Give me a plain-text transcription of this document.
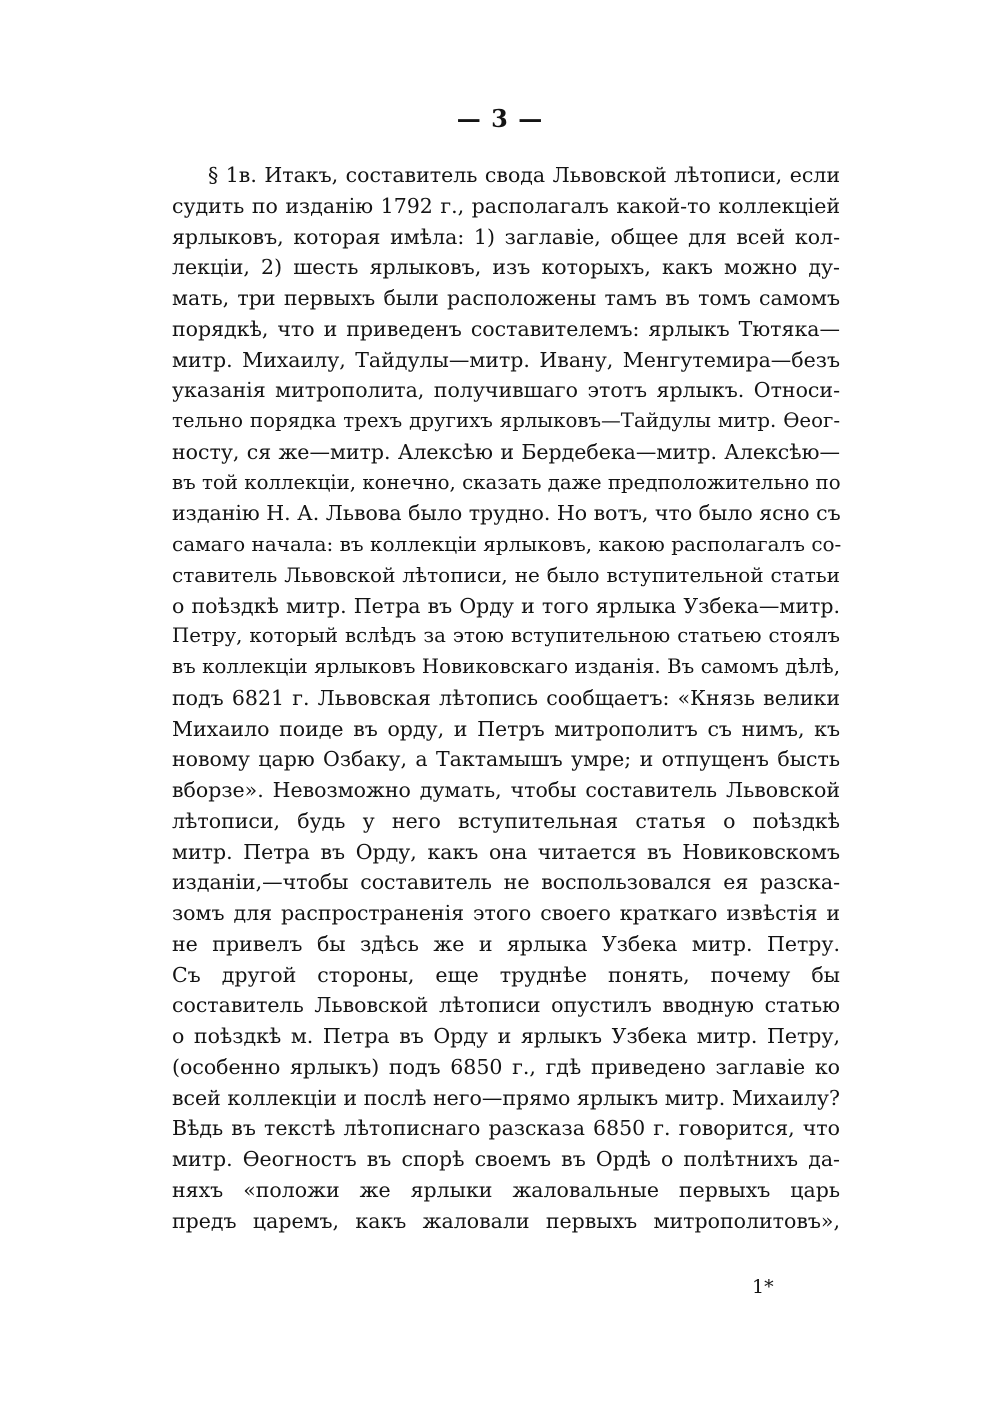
— 3 —
§ 1в. Итакъ, составитель свода Львовской лѣтописи, если
судить по изданію 1792 г., располагалъ какой-то коллекціей
ярлыковъ, которая имѣла: 1) заглавіе, общее для всей кол-
лекціи, 2) шесть ярлыковъ, изъ которыхъ, какъ можно ду-
мать, три первыхъ были расположены тамъ въ томъ самомъ
порядкѣ, что и приведенъ составителемъ: ярлыкъ Тютяка—
митр. Михаилу, Тайдулы—митр. Ивану, Менгутемира—безъ
указанія митрополита, получившаго этотъ ярлыкъ. Относи-
тельно порядка трехъ другихъ ярлыковъ—Тайдулы митр. Ѳеог-
носту, ся же—митр. Алексѣю и Бердебека—митр. Алексѣю—
въ той коллекціи, конечно, сказать даже предположительно по
изданію Н. А. Львова было трудно. Но вотъ, что было ясно съ
самаго начала: въ коллекціи ярлыковъ, какою располагалъ со-
ставитель Львовской лѣтописи, не было вступительной статьи
о поѣздкѣ митр. Петра въ Орду и того ярлыка Узбека—митр.
Петру, который вслѣдъ за этою вступительною статьею стоялъ
въ коллекціи ярлыковъ Новиковскаго изданія. Въ самомъ дѣлѣ,
подъ 6821 г. Львовская лѣтопись сообщаетъ: «Князь велики
Михаило поиде въ орду, и Петръ митрополитъ съ нимъ, къ
новому царю Озбаку, а Тактамышъ умре; и отпущенъ бысть
вборзе». Невозможно думать, чтобы составитель Львовской
лѣтописи, будь у него вступительная статья о поѣздкѣ
митр. Петра въ Орду, какъ она читается въ Новиковскомъ
изданіи,—чтобы составитель не воспользовался ея разска-
зомъ для распространенія этого своего краткаго извѣстія и
не привелъ бы здѣсь же и ярлыка Узбека митр. Петру.
Съ другой стороны, еще труднѣе понять, почему бы
составитель Львовской лѣтописи опустилъ вводную статью
о поѣздкѣ м. Петра въ Орду и ярлыкъ Узбека митр. Петру,
(особенно ярлыкъ) подъ 6850 г., гдѣ приведено заглавіе ко
всей коллекціи и послѣ него—прямо ярлыкъ митр. Михаилу?
Вѣдь въ текстѣ лѣтописнаго разсказа 6850 г. говорится, что
митр. Ѳеогностъ въ спорѣ своемъ въ Ордѣ о полѣтнихъ да-
няхъ «положи же ярлыки жаловальные первыхъ царь
предъ царемъ, какъ жаловали первыхъ митрополитовъ»,
1*
